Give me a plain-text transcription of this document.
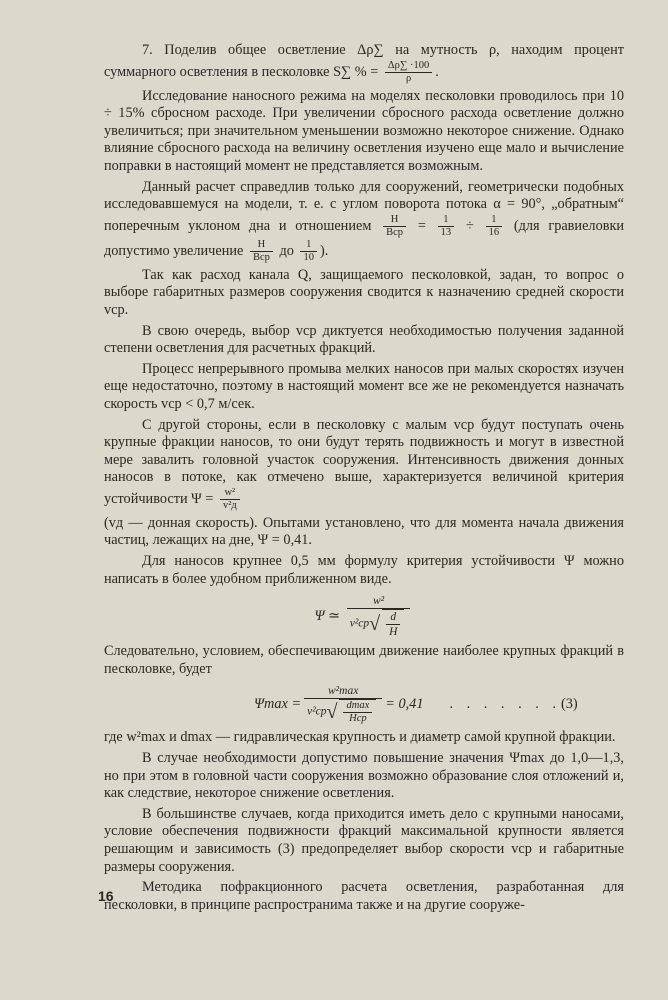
7. Поделив общее осветление Δρ∑ на мутность ρ, находим процент суммарного осветления в песколовке S∑ % = $\frac{\Delta\rho\sum \cdot 100}{\rho}$ .

Исследование наносного режима на моделях песколовки проводилось при 10 ÷ 15% сбросном расходе. При увеличении сбросного расхода осветление должно увеличиться; при значительном уменьшении возможно некоторое снижение. Однако влияние сбросного расхода на величину осветления изучено еще мало и вычисление поправки в настоящий момент не представляется возможным.

Данный расчет справедлив только для сооружений, геометрически подобных исследовавшемуся на модели, т. е. с углом поворота потока α = 90°, „обратным“ поперечным уклоном дна и отношением $\frac{H}{\text{Bср}} = \frac{1}{13} \div \frac{1}{16} (для$ гравиеловки допустимо увеличение $\frac{H}{\text{Bср}}$ до $\frac{1}{10}$ ).

Так как расход канала Q, защищаемого песколовкой, задан, то вопрос о выборе габаритных размеров сооружения сводится к назначению средней скорости vср.

В свою очередь, выбор vср диктуется необходимостью получения заданной степени осветления для расчетных фракций.

Процесс непрерывного промыва мелких наносов при малых скоростях изучен еще недостаточно, поэтому в настоящий момент все же не рекомендуется назначать скорость vср < 0,7 м/сек.

С другой стороны, если в песколовку с малым vср будут поступать очень крупные фракции наносов, то они будут терять подвижность и могут в известной мере завалить головной участок сооружения. Интенсивность движения донных наносов в потоке, как отмечено выше, характеризуется величиной критерия устойчивости $\Psi = \frac{\text{w²}}{\text{v²д}}$

(vд — донная скорость). Опытами установлено, что для момента начала движения частиц, лежащих на дне, Ψ = 0,41.

Для наносов крупнее 0,5 мм формулу критерия устойчивости Ψ можно написать в более удобном приближенном виде.

Ψ ≃ $\frac{\text{w²}}{v^2ср√ \frac{d}{H}}$

Следовательно, условием, обеспечивающим движение наиболее крупных фракций в песколовке, будет

$\Psi\max = \frac{\text{w²max}}{v^2ср√ \frac{dmax}{\text{Hср}}} = 0,41$ . . . . . . . (3)

где w²max и dmax — гидравлическая крупность и диаметр самой крупной фракции.

В случае необходимости допустимо повышение значения Ψmax до 1,0—1,3, но при этом в головной части сооружения возможно образование слоя отложений и, как следствие, некоторое снижение осветления.

В большинстве случаев, когда приходится иметь дело с крупными наносами, условие обеспечения подвижности фракций максимальной крупности является решающим и зависимость (3) предопределяет выбор скорости vср и габаритные размеры сооружения.

Методика пофракционного расчета осветления, разработанная для песколовки, в принципе распространима также и на другие сооруже-

16
